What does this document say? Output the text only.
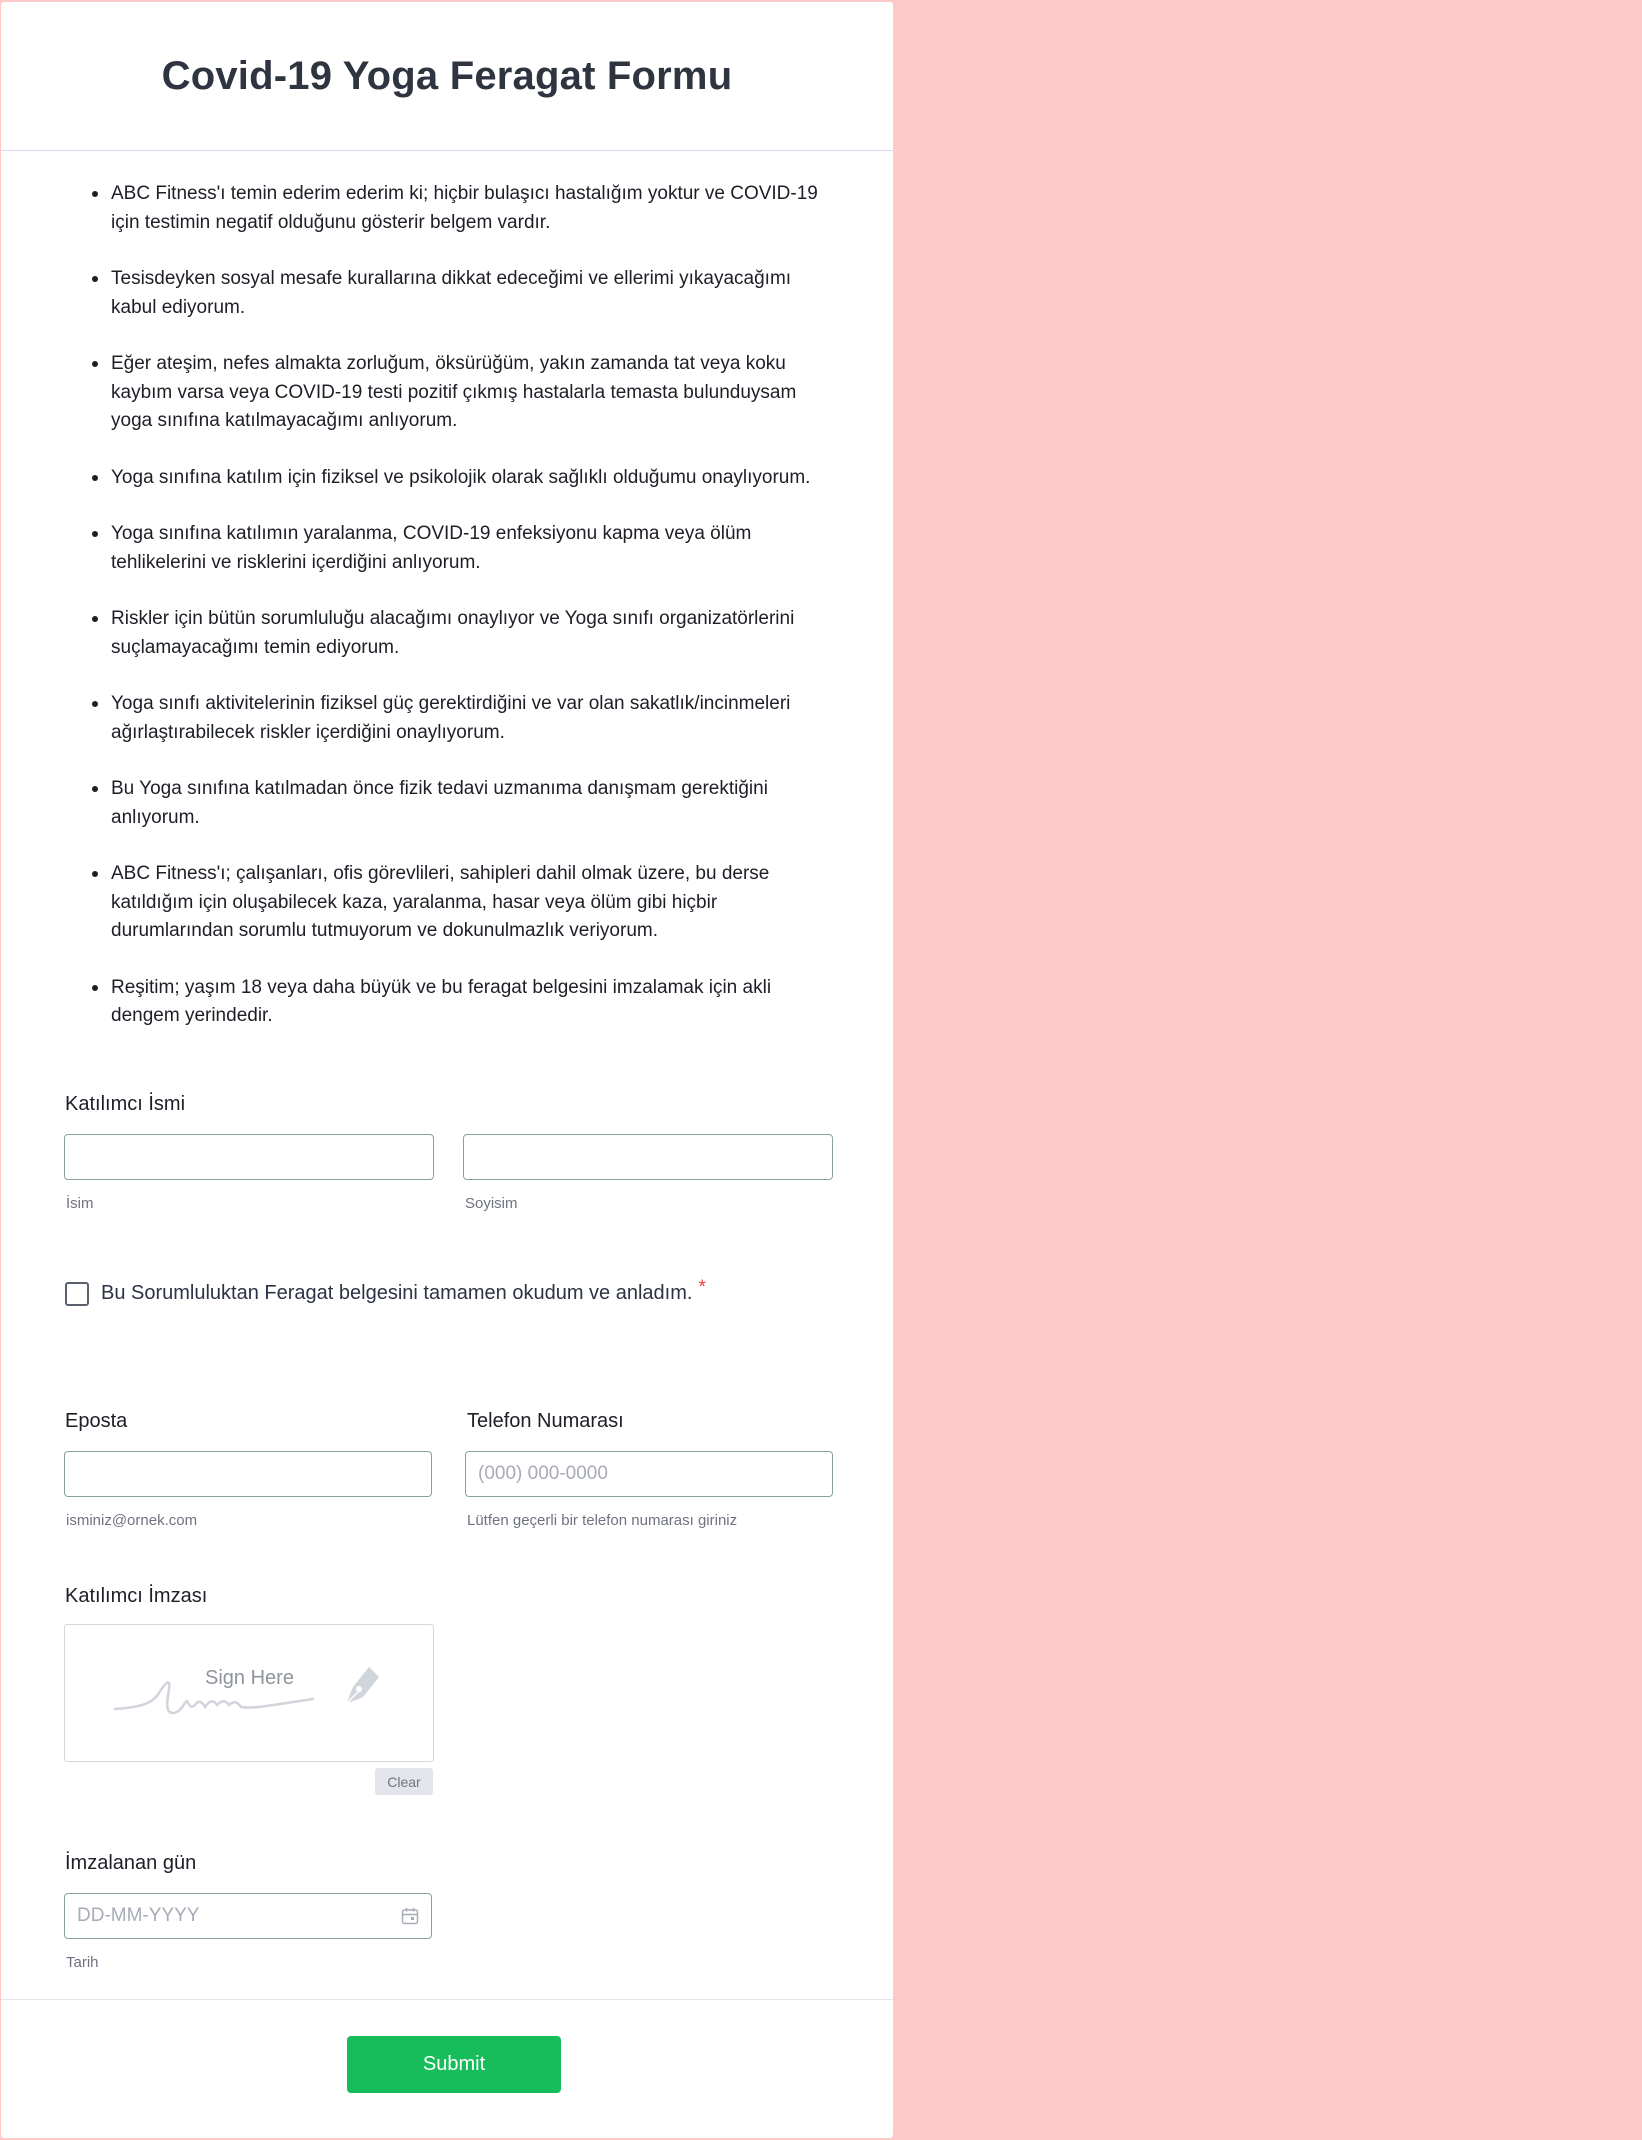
Covid-19 Yoga Feragat Formu
ABC Fitness'ı temin ederim ederim ki; hiçbir bulaşıcı hastalığım yoktur ve COVID-19 için testimin negatif olduğunu gösterir belgem vardır.
Tesisdeyken sosyal mesafe kurallarına dikkat edeceğimi ve ellerimi yıkayacağımı kabul ediyorum.
Eğer ateşim, nefes almakta zorluğum, öksürüğüm, yakın zamanda tat veya koku kaybım varsa veya COVID-19 testi pozitif çıkmış hastalarla temasta bulunduysam yoga sınıfına katılmayacağımı anlıyorum.
Yoga sınıfına katılım için fiziksel ve psikolojik olarak sağlıklı olduğumu onaylıyorum.
Yoga sınıfına katılımın yaralanma, COVID-19 enfeksiyonu kapma veya ölüm tehlikelerini ve risklerini içerdiğini anlıyorum.
Riskler için bütün sorumluluğu alacağımı onaylıyor ve Yoga sınıfı organizatörlerini suçlamayacağımı temin ediyorum.
Yoga sınıfı aktivitelerinin fiziksel güç gerektirdiğini ve var olan sakatlık/incinmeleri ağırlaştırabilecek riskler içerdiğini onaylıyorum.
Bu Yoga sınıfına katılmadan önce fizik tedavi uzmanıma danışmam gerektiğini anlıyorum.
ABC Fitness'ı; çalışanları, ofis görevlileri, sahipleri dahil olmak üzere, bu derse katıldığım için oluşabilecek kaza, yaralanma, hasar veya ölüm gibi hiçbir durumlarından sorumlu tutmuyorum ve dokunulmazlık veriyorum.
Reşitim; yaşım 18 veya daha büyük ve bu feragat belgesini imzalamak için akli dengem yerindedir.
Katılımcı İsmi
İsim	Soyisim
Bu Sorumluluktan Feragat belgesini tamamen okudum ve anladım. *
Eposta
isminiz@ornek.com
Telefon Numarası
(000) 000-0000
Lütfen geçerli bir telefon numarası giriniz
Katılımcı İmzası
Sign Here
Clear
İmzalanan gün
DD-MM-YYYY
Tarih
Submit
